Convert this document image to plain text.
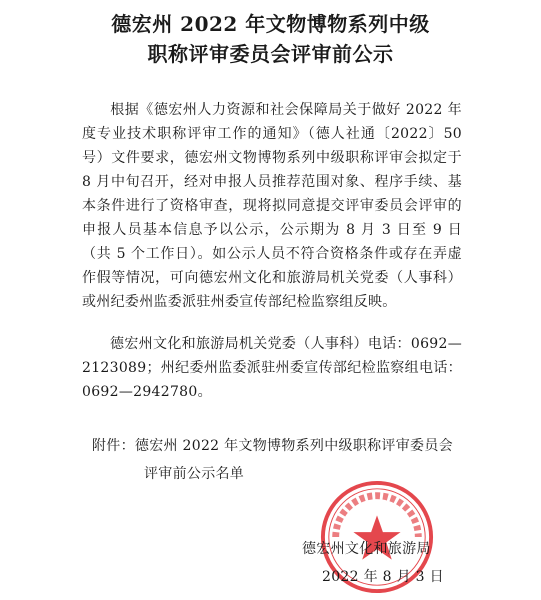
德宏州 2022 年文物博物系列中级
职称评审委员会评审前公示
根据《德宏州人力资源和社会保障局关于做好 2022 年度专业技术职称评审工作的通知》（德人社通〔2022〕50 号）文件要求，德宏州文物博物系列中级职称评审会拟定于 8 月中旬召开，经对申报人员推荐范围对象、程序手续、基本条件进行了资格审查，现将拟同意提交评审委员会评审的申报人员基本信息予以公示，公示期为 8 月 3 日至 9 日（共 5 个工作日）。如公示人员不符合资格条件或存在弄虚作假等情况，可向德宏州文化和旅游局机关党委（人事科）或州纪委州监委派驻州委宣传部纪检监察组反映。
德宏州文化和旅游局机关党委（人事科）电话：0692—2123089；州纪委州监委派驻州委宣传部纪检监察组电话：0692—2942780。
附件：德宏州 2022 年文物博物系列中级职称评审委员会
评审前公示名单
德宏州文化和旅游局
2022 年 8 月 3 日
